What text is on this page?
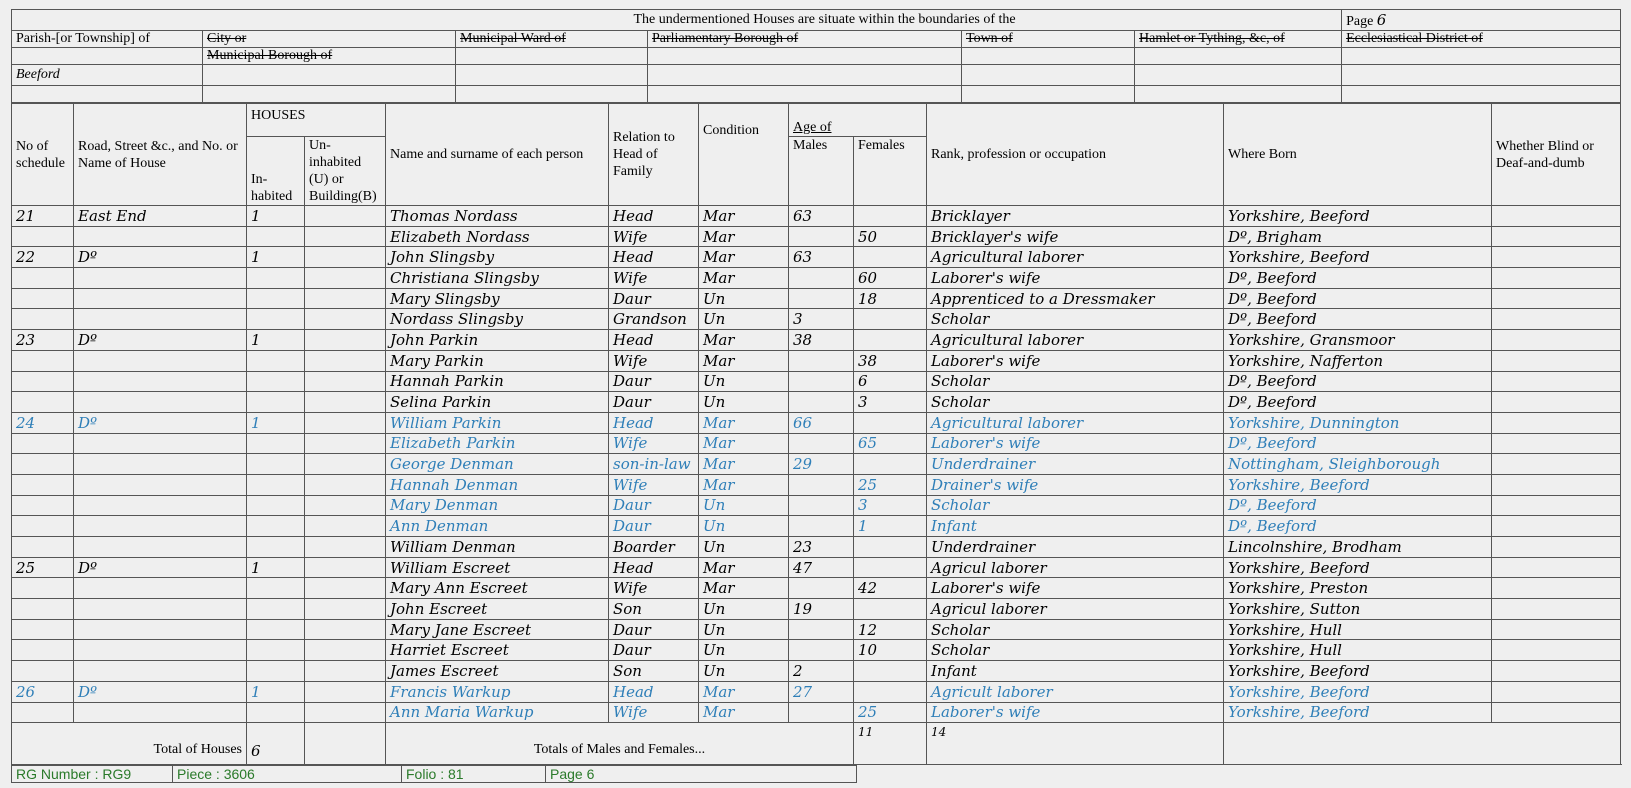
The undermentioned Houses are situate within the boundaries of the						Page 6
Parish-[or Township] of	City or	Municipal Ward of	Parliamentary Borough of	Town of	Hamlet or Tything, &c, of	Ecclesiastical District of
	Municipal Borough of					
Beeford						

No of schedule	Road, Street &c., and No. or Name of House	HOUSES		Name and surname of each person	Relation to Head of Family	Condition	Age of		Rank, profession or occupation	Where Born	Whether Blind or Deaf-and-dumb
		In-habited	Un-inhabited (U) or Building(B)				Males	Females			
21	East End	1		Thomas Nordass	Head	Mar	63		Bricklayer	Yorkshire, Beeford	
				Elizabeth Nordass	Wife	Mar		50	Bricklayer's wife	Dº, Brigham	
22	Dº	1		John Slingsby	Head	Mar	63		Agricultural laborer	Yorkshire, Beeford	
				Christiana Slingsby	Wife	Mar		60	Laborer's wife	Dº, Beeford	
				Mary Slingsby	Daur	Un		18	Apprenticed to a Dressmaker	Dº, Beeford	
				Nordass Slingsby	Grandson	Un	3		Scholar	Dº, Beeford	
23	Dº	1		John Parkin	Head	Mar	38		Agricultural laborer	Yorkshire, Gransmoor	
				Mary Parkin	Wife	Mar		38	Laborer's wife	Yorkshire, Nafferton	
				Hannah Parkin	Daur	Un		6	Scholar	Dº, Beeford	
				Selina Parkin	Daur	Un		3	Scholar	Dº, Beeford	
24	Dº	1		William Parkin	Head	Mar	66		Agricultural laborer	Yorkshire, Dunnington	
				Elizabeth Parkin	Wife	Mar		65	Laborer's wife	Dº, Beeford	
				George Denman	son-in-law	Mar	29		Underdrainer	Nottingham, Sleighborough	
				Hannah Denman	Wife	Mar		25	Drainer's wife	Yorkshire, Beeford	
				Mary Denman	Daur	Un		3	Scholar	Dº, Beeford	
				Ann Denman	Daur	Un		1	Infant	Dº, Beeford	
				William Denman	Boarder	Un	23		Underdrainer	Lincolnshire, Brodham	
25	Dº	1		William Escreet	Head	Mar	47		Agricul laborer	Yorkshire, Beeford	
				Mary Ann Escreet	Wife	Mar		42	Laborer's wife	Yorkshire, Preston	
				John Escreet	Son	Un	19		Agricul laborer	Yorkshire, Sutton	
				Mary Jane Escreet	Daur	Un		12	Scholar	Yorkshire, Hull	
				Harriet Escreet	Daur	Un		10	Scholar	Yorkshire, Hull	
				James Escreet	Son	Un	2		Infant	Yorkshire, Beeford	
26	Dº	1		Francis Warkup	Head	Mar	27		Agricult laborer	Yorkshire, Beeford	
				Ann Maria Warkup	Wife	Mar		25	Laborer's wife	Yorkshire, Beeford	
Total of Houses		6		Totals of Males and Females...				11	14		
RG Number : RG9	Piece : 3606	Folio : 81	Page 6
